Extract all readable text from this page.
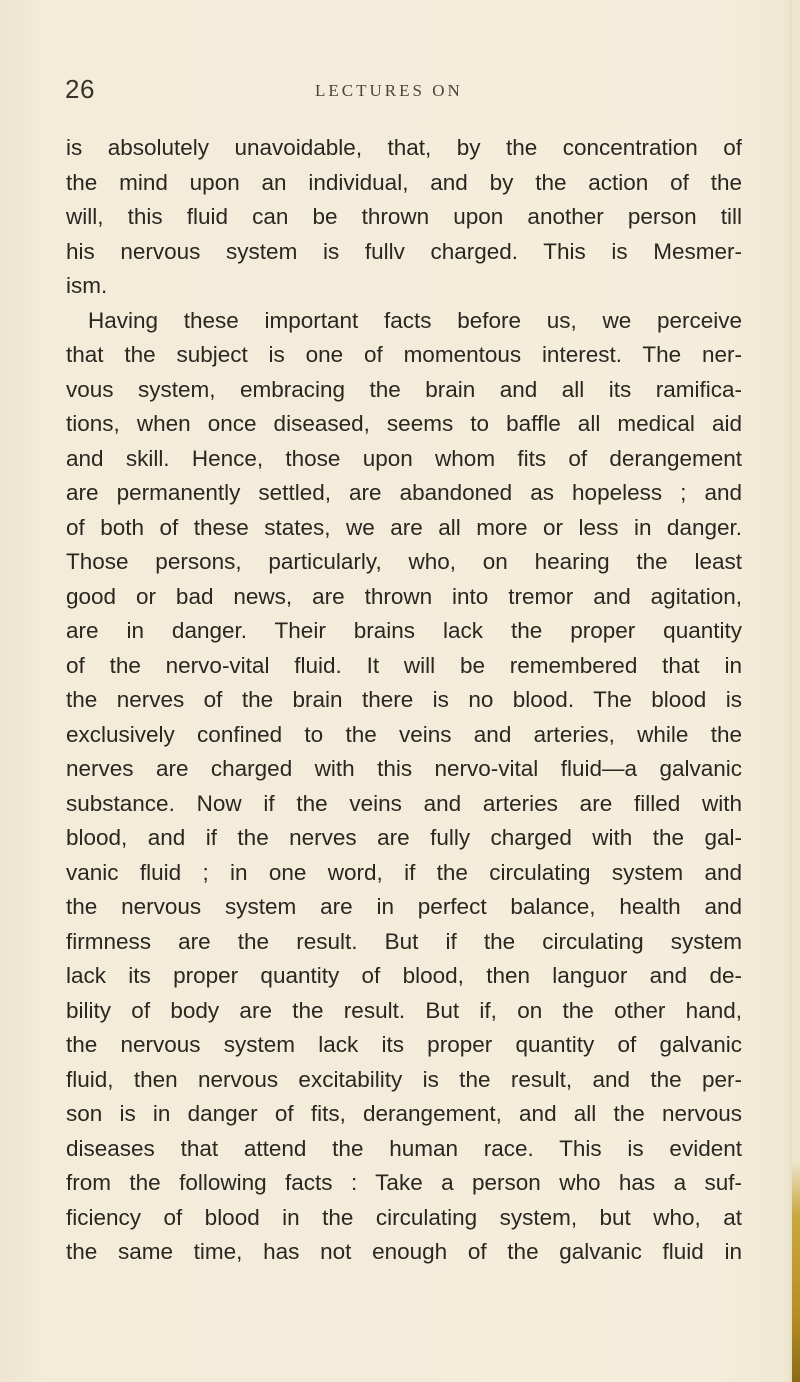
26	LECTURES ON
is absolutely unavoidable, that, by the concentration of
the mind upon an individual, and by the action of the
will, this fluid can be thrown upon another person till
his nervous system is fullv charged. This is Mesmer-
ism.
Having these important facts before us, we perceive
that the subject is one of momentous interest. The ner-
vous system, embracing the brain and all its ramifica-
tions, when once diseased, seems to baffle all medical aid
and skill. Hence, those upon whom fits of derangement
are permanently settled, are abandoned as hopeless ; and
of both of these states, we are all more or less in danger.
Those persons, particularly, who, on hearing the least
good or bad news, are thrown into tremor and agitation,
are in danger. Their brains lack the proper quantity
of the nervo-vital fluid. It will be remembered that in
the nerves of the brain there is no blood. The blood is
exclusively confined to the veins and arteries, while the
nerves are charged with this nervo-vital fluid—a galvanic
substance. Now if the veins and arteries are filled with
blood, and if the nerves are fully charged with the gal-
vanic fluid ; in one word, if the circulating system and
the nervous system are in perfect balance, health and
firmness are the result. But if the circulating system
lack its proper quantity of blood, then languor and de-
bility of body are the result. But if, on the other hand,
the nervous system lack its proper quantity of galvanic
fluid, then nervous excitability is the result, and the per-
son is in danger of fits, derangement, and all the nervous
diseases that attend the human race. This is evident
from the following facts : Take a person who has a suf-
ficiency of blood in the circulating system, but who, at
the same time, has not enough of the galvanic fluid in
